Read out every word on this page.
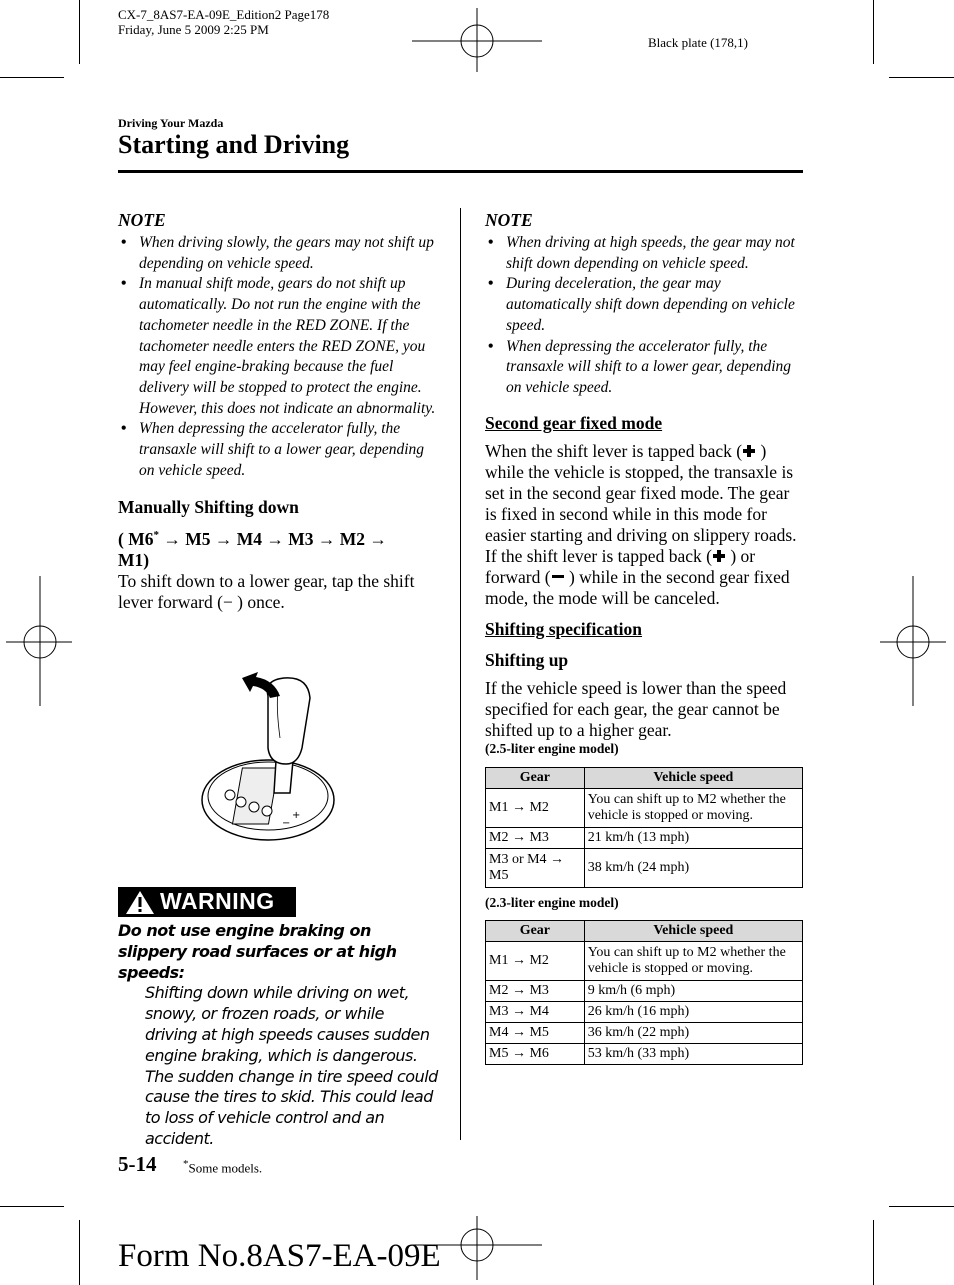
CX-7_8AS7-EA-09E_Edition2 Page178
Friday, June 5 2009 2:25 PM
Black plate (178,1)
Driving Your Mazda
Starting and Driving
NOTE
• When driving slowly, the gears may not shift up depending on vehicle speed.
• In manual shift mode, gears do not shift up automatically. Do not run the engine with the tachometer needle in the RED ZONE. If the tachometer needle enters the RED ZONE, you may feel engine-braking because the fuel delivery will be stopped to protect the engine. However, this does not indicate an abnormality.
• When depressing the accelerator fully, the transaxle will shift to a lower gear, depending on vehicle speed.
Manually Shifting down
( M6* → M5 → M4 → M3 → M2 →
M1)

To shift down to a lower gear, tap the shift lever forward (− ) once.

−
+
WARNING
Do not use engine braking on slippery road surfaces or at high speeds:
Shifting down while driving on wet, snowy, or frozen roads, or while driving at high speeds causes sudden engine braking, which is dangerous. The sudden change in tire speed could cause the tires to skid. This could lead to loss of vehicle control and an accident.
NOTE
• When driving at high speeds, the gear may not shift down depending on vehicle speed.
• During deceleration, the gear may automatically shift down depending on vehicle speed.
• When depressing the accelerator fully, the transaxle will shift to a lower gear, depending on vehicle speed.
Second gear fixed mode

When the shift lever is tapped back ( ) while the vehicle is stopped, the transaxle is set in the second gear fixed mode. The gear is fixed in second while in this mode for easier starting and driving on slippery roads. If the shift lever is tapped back ( ) or forward ( ) while in the second gear fixed mode, the mode will be canceled.

Shifting specification
Shifting up

If the vehicle speed is lower than the speed specified for each gear, the gear cannot be shifted up to a higher gear.

(2.5-liter engine model)
Gear	Vehicle speed
M1 → M2	You can shift up to M2 whether the vehicle is stopped or moving.
M2 → M3	21 km/h (13 mph)
M3 or M4 → M5	38 km/h (24 mph)
(2.3-liter engine model)
Gear	Vehicle speed
M1 → M2	You can shift up to M2 whether the vehicle is stopped or moving.
M2 → M3	9 km/h (6 mph)
M3 → M4	26 km/h (16 mph)
M4 → M5	36 km/h (22 mph)
M5 → M6	53 km/h (33 mph)
5-14 *Some models.
Form No.8AS7-EA-09E
